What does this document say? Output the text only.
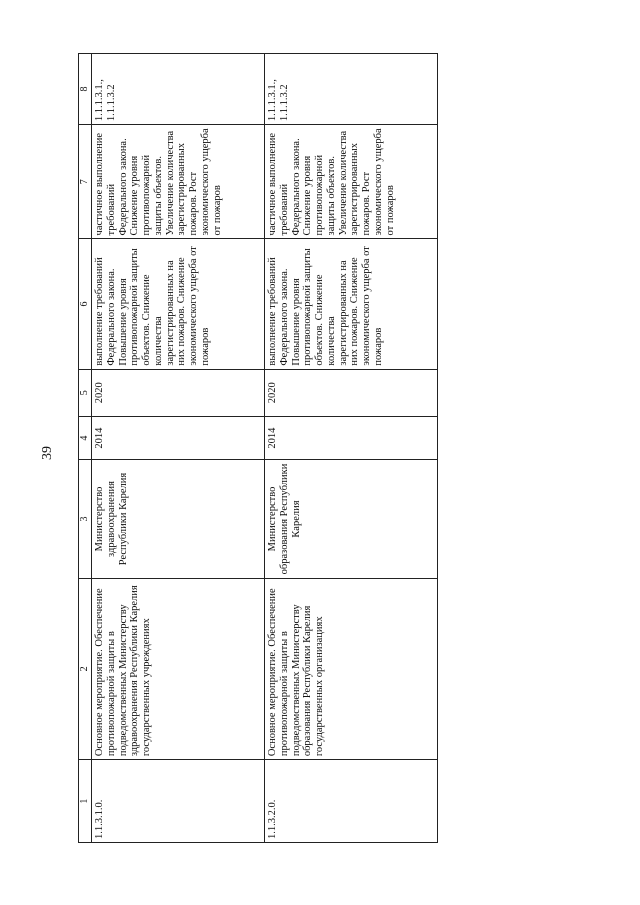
39
1	2	3	4	5	6	7	8
1.1.3.1.0.	Основное мероприятие. Обеспечение противопожарной защиты в подведомственных Министерству здравоохранения Республики Карелия государственных учреждениях	Министерство здравоохранения Республики Карелия	2014	2020	выполнение требований Федерального закона. Повышение уровня противопожарной защиты объектов. Снижение количества зарегистрированных на них пожаров. Снижение экономического ущерба от пожаров	частичное выполнение требований Федерального закона. Снижение уровня противопожарной защиты объектов. Увеличение количества зарегистрированных пожаров. Рост экономического ущерба от пожаров	1.1.1.3.1.,
1.1.1.3.2
1.1.3.2.0.	Основное мероприятие. Обеспечение противопожарной защиты в подведомственных Министерству образования Республики Карелия государственных организациях	Министерство образования Республики Карелия	2014	2020	выполнение требований Федерального закона. Повышение уровня противопожарной защиты объектов. Снижение количества зарегистрированных на них пожаров. Снижение экономического ущерба от пожаров	частичное выполнение требований Федерального закона. Снижение уровня противопожарной защиты объектов. Увеличение количества зарегистрированных пожаров. Рост экономического ущерба от пожаров	1.1.1.3.1.,
1.1.1.3.2
